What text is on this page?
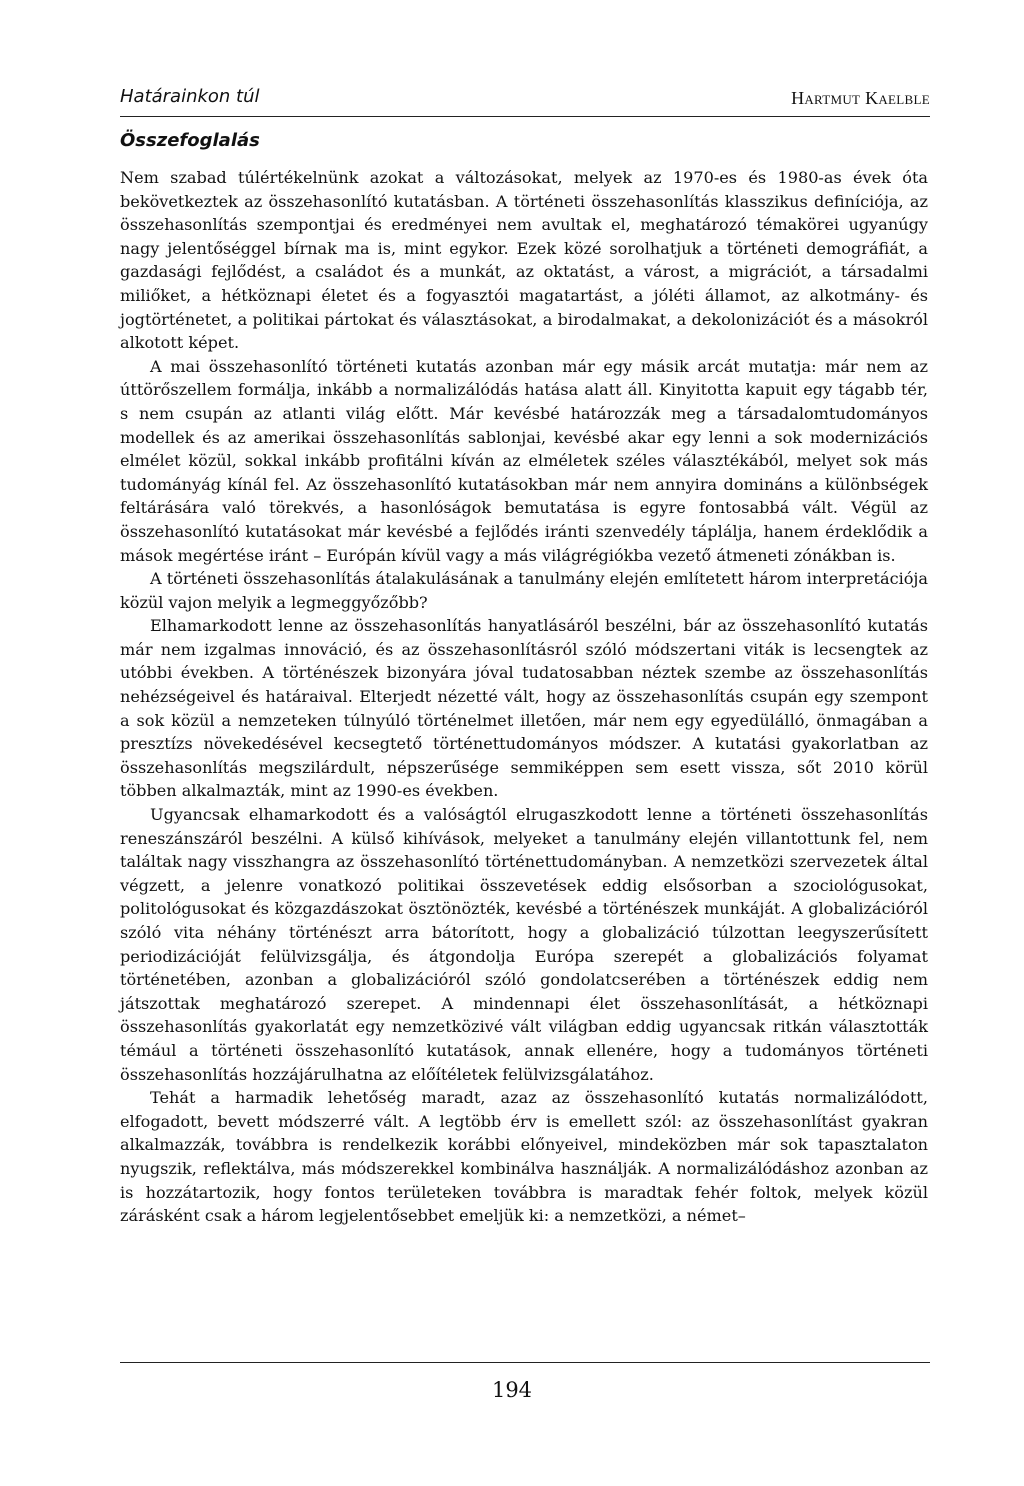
Határainkon túl	Hartmut Kaelble
Összefoglalás

Nem szabad túlértékelnünk azokat a változásokat, melyek az 1970-es és 1980-as évek óta bekövetkeztek az összehasonlító kutatásban. A történeti összehasonlítás klasszikus definíciója, az összehasonlítás szempontjai és eredményei nem avultak el, meghatározó témakörei ugyanúgy nagy jelentőséggel bírnak ma is, mint egykor. Ezek közé sorolhatjuk a történeti demográfiát, a gazdasági fejlődést, a családot és a munkát, az oktatást, a várost, a migrációt, a társadalmi miliőket, a hétköznapi életet és a fogyasztói magatartást, a jóléti államot, az alkotmány- és jogtörténetet, a politikai pártokat és választásokat, a birodalmakat, a dekolonizációt és a másokról alkotott képet.

A mai összehasonlító történeti kutatás azonban már egy másik arcát mutatja: már nem az úttörőszellem formálja, inkább a normalizálódás hatása alatt áll. Kinyitotta kapuit egy tágabb tér, s nem csupán az atlanti világ előtt. Már kevésbé határozzák meg a társadalomtudományos modellek és az amerikai összehasonlítás sablonjai, kevésbé akar egy lenni a sok modernizációs elmélet közül, sokkal inkább profitálni kíván az elméletek széles választékából, melyet sok más tudományág kínál fel. Az összehasonlító kutatásokban már nem annyira domináns a különbségek feltárására való törekvés, a hasonlóságok bemutatása is egyre fontosabbá vált. Végül az összehasonlító kutatásokat már kevésbé a fejlődés iránti szenvedély táplálja, hanem érdeklődik a mások megértése iránt – Európán kívül vagy a más világrégiókba vezető átmeneti zónákban is.

A történeti összehasonlítás átalakulásának a tanulmány elején említetett három interpretációja közül vajon melyik a legmeggyőzőbb?

Elhamarkodott lenne az összehasonlítás hanyatlásáról beszélni, bár az összehasonlító kutatás már nem izgalmas innováció, és az összehasonlításról szóló módszertani viták is lecsengtek az utóbbi években. A történészek bizonyára jóval tudatosabban néztek szembe az összehasonlítás nehézségeivel és határaival. Elterjedt nézetté vált, hogy az összehasonlítás csupán egy szempont a sok közül a nemzeteken túlnyúló történelmet illetően, már nem egy egyedülálló, önmagában a presztízs növekedésével kecsegtető történettudományos módszer. A kutatási gyakorlatban az összehasonlítás megszilárdult, népszerűsége semmiképpen sem esett vissza, sőt 2010 körül többen alkalmazták, mint az 1990-es években.

Ugyancsak elhamarkodott és a valóságtól elrugaszkodott lenne a történeti összehasonlítás reneszánszáról beszélni. A külső kihívások, melyeket a tanulmány elején villantottunk fel, nem találtak nagy visszhangra az összehasonlító történettudományban. A nemzetközi szervezetek által végzett, a jelenre vonatkozó politikai összevetések eddig elsősorban a szociológusokat, politológusokat és közgazdászokat ösztönözték, kevésbé a történészek munkáját. A globalizációról szóló vita néhány történészt arra bátorított, hogy a globalizáció túlzottan leegyszerűsített periodizációját felülvizsgálja, és átgondolja Európa szerepét a globalizációs folyamat történetében, azonban a globalizációról szóló gondolatcserében a történészek eddig nem játszottak meghatározó szerepet. A mindennapi élet összehasonlítását, a hétköznapi összehasonlítás gyakorlatát egy nemzetközivé vált világban eddig ugyancsak ritkán választották témául a történeti összehasonlító kutatások, annak ellenére, hogy a tudományos történeti összehasonlítás hozzájárulhatna az előítéletek felülvizsgálatához.

Tehát a harmadik lehetőség maradt, azaz az összehasonlító kutatás normalizálódott, elfogadott, bevett módszerré vált. A legtöbb érv is emellett szól: az összehasonlítást gyakran alkalmazzák, továbbra is rendelkezik korábbi előnyeivel, mindeközben már sok tapasztalaton nyugszik, reflektálva, más módszerekkel kombinálva használják. A normalizálódáshoz azonban az is hozzátartozik, hogy fontos területeken továbbra is maradtak fehér foltok, melyek közül zárásként csak a három legjelentősebbet emeljük ki: a nemzetközi, a német–

194
